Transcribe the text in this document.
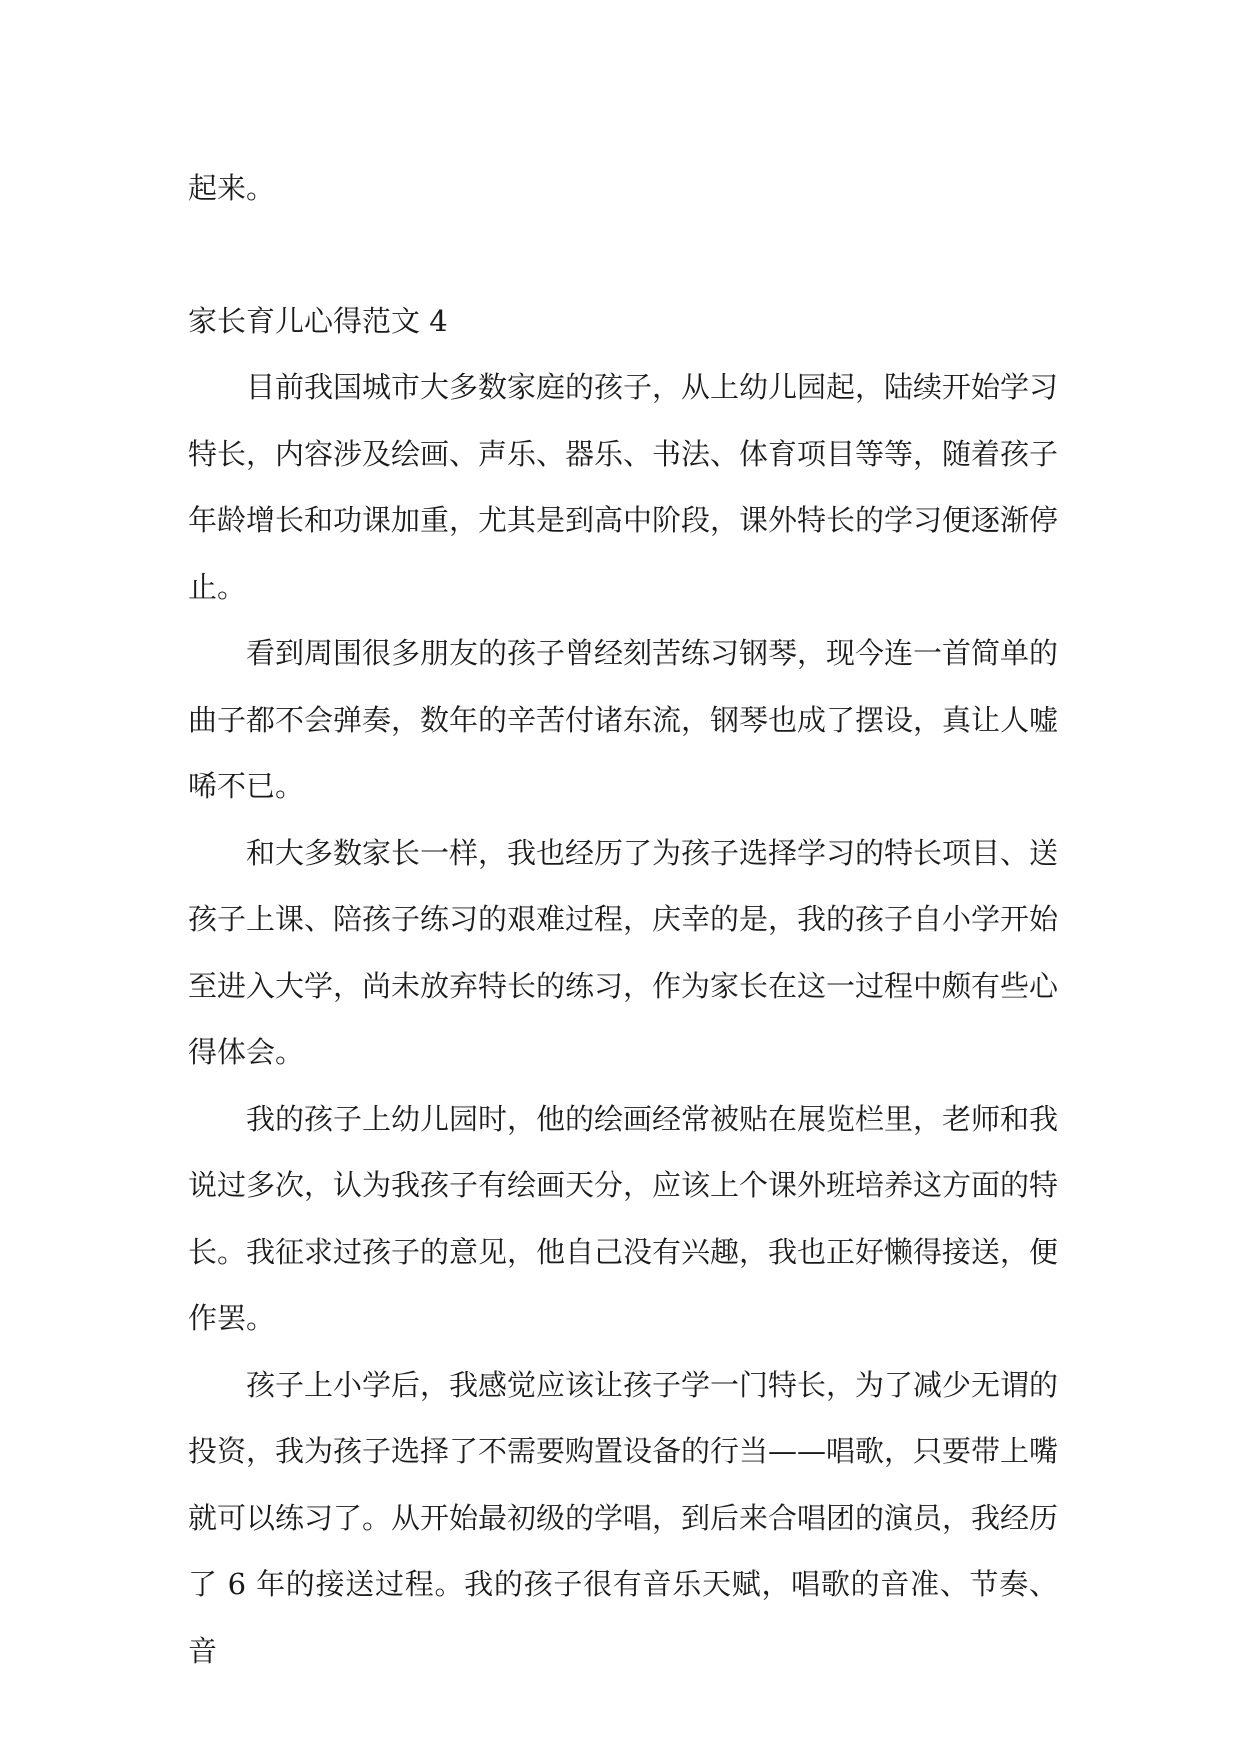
起来。

家长育儿心得范文 4

目前我国城市大多数家庭的孩子，从上幼儿园起，陆续开始学习特长，内容涉及绘画、声乐、器乐、书法、体育项目等等，随着孩子年龄增长和功课加重，尤其是到高中阶段，课外特长的学习便逐渐停止。

看到周围很多朋友的孩子曾经刻苦练习钢琴，现今连一首简单的曲子都不会弹奏，数年的辛苦付诸东流，钢琴也成了摆设，真让人嘘唏不已。

和大多数家长一样，我也经历了为孩子选择学习的特长项目、送孩子上课、陪孩子练习的艰难过程，庆幸的是，我的孩子自小学开始至进入大学，尚未放弃特长的练习，作为家长在这一过程中颇有些心得体会。

我的孩子上幼儿园时，他的绘画经常被贴在展览栏里，老师和我说过多次，认为我孩子有绘画天分，应该上个课外班培养这方面的特长。我征求过孩子的意见，他自己没有兴趣，我也正好懒得接送，便作罢。

孩子上小学后，我感觉应该让孩子学一门特长，为了减少无谓的投资，我为孩子选择了不需要购置设备的行当——唱歌，只要带上嘴就可以练习了。从开始最初级的学唱，到后来合唱团的演员，我经历了 6 年的接送过程。我的孩子很有音乐天赋，唱歌的音准、节奏、音
